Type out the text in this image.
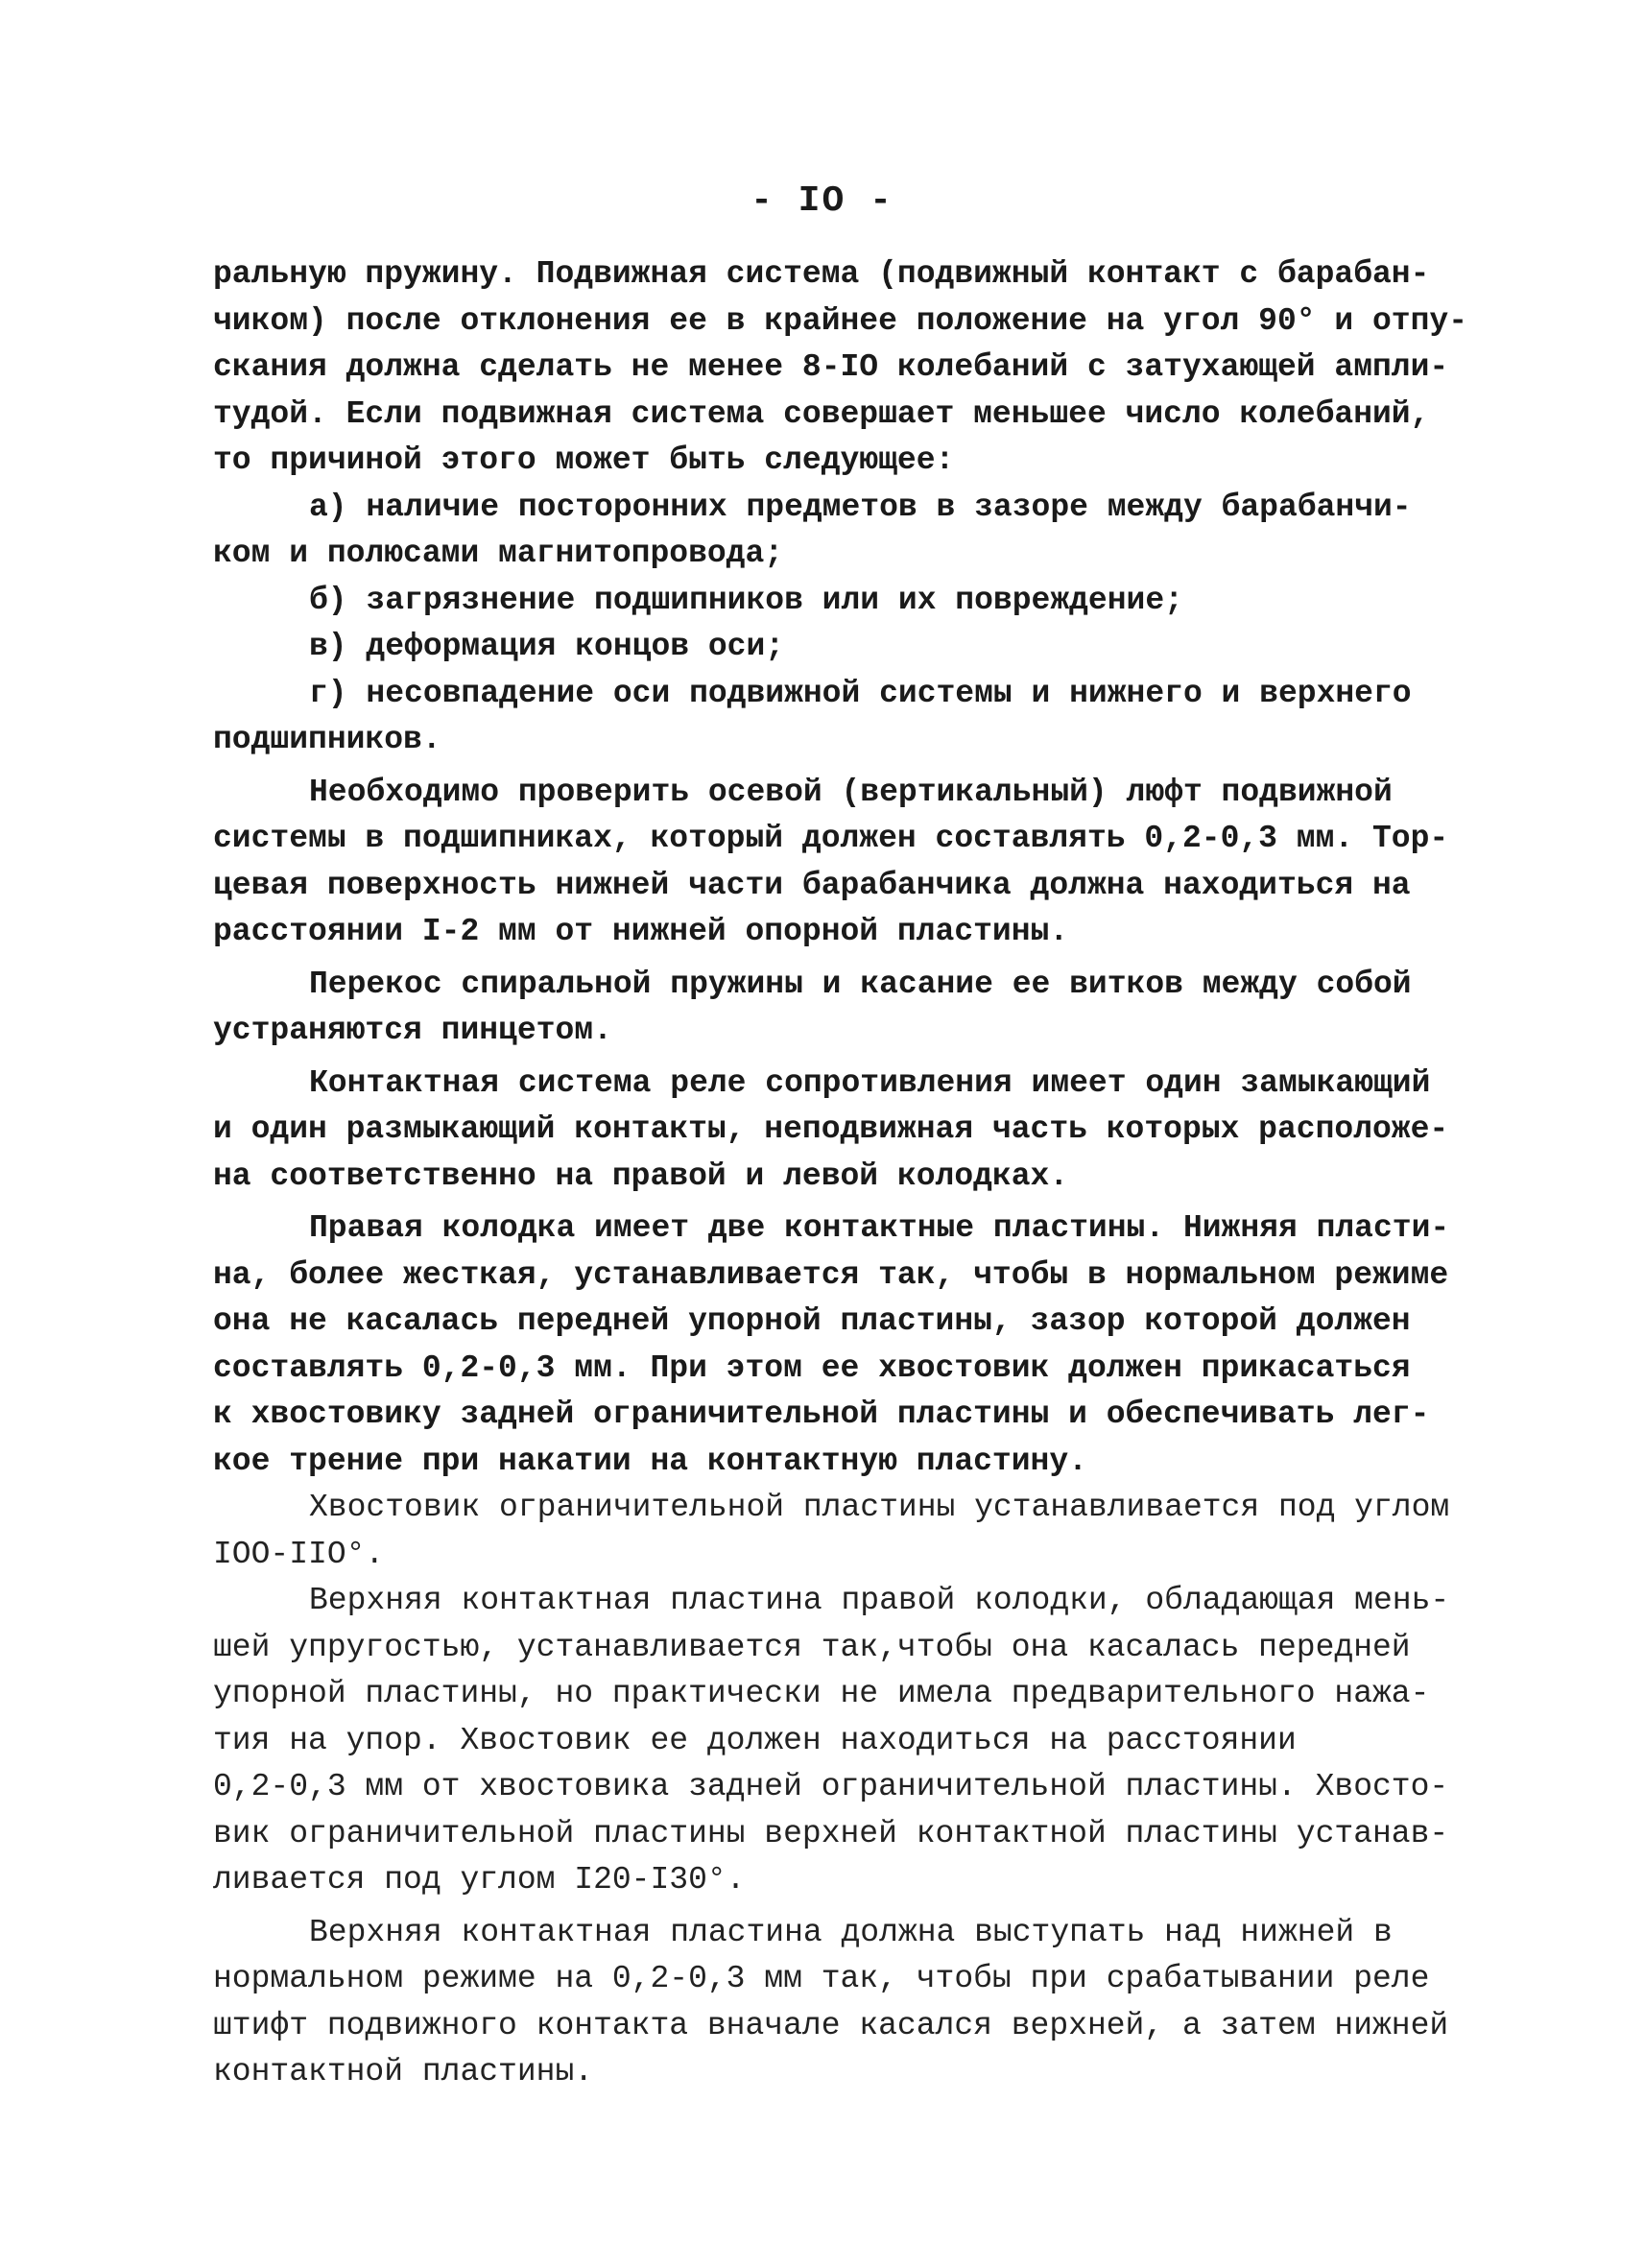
- IO -
ральную пружину. Подвижная система (подвижный контакт с барабан-
чиком) после отклонения ее в крайнее положение на угол 90° и отпу-
скания должна сделать не менее 8-IO колебаний с затухающей ампли-
тудой. Если подвижная система совершает меньшее число колебаний,
то причиной этого может быть следующее:
а) наличие посторонних предметов в зазоре между барабанчи-
ком и полюсами магнитопровода;
б) загрязнение подшипников или их повреждение;
в) деформация концов оси;
г) несовпадение оси подвижной системы и нижнего и верхнего
подшипников.
Необходимо проверить осевой (вертикальный) люфт подвижной
системы в подшипниках, который должен составлять 0,2-0,3 мм. Тор-
цевая поверхность нижней части барабанчика должна находиться на
расстоянии I-2 мм от нижней опорной пластины.
Перекос спиральной пружины и касание ее витков между собой
устраняются пинцетом.
Контактная система реле сопротивления имеет один замыкающий
и один размыкающий контакты, неподвижная часть которых расположе-
на соответственно на правой и левой колодках.
Правая колодка имеет две контактные пластины. Нижняя пласти-
на, более жесткая, устанавливается так, чтобы в нормальном режиме
она не касалась передней упорной пластины, зазор которой должен
составлять 0,2-0,3 мм. При этом ее хвостовик должен прикасаться
к хвостовику задней ограничительной пластины и обеспечивать лег-
кое трение при накатии на контактную пластину.
Хвостовик ограничительной пластины устанавливается под углом
IOO-IIO°.
Верхняя контактная пластина правой колодки, обладающая мень-
шей упругостью, устанавливается так,чтобы она касалась передней
упорной пластины, но практически не имела предварительного нажа-
тия на упор. Хвостовик ее должен находиться на расстоянии
0,2-0,3 мм от хвостовика задней ограничительной пластины. Хвосто-
вик ограничительной пластины верхней контактной пластины устанав-
ливается под углом I20-I30°.
Верхняя контактная пластина должна выступать над нижней в
нормальном режиме на 0,2-0,3 мм так, чтобы при срабатывании реле
штифт подвижного контакта вначале касался верхней, а затем нижней
контактной пластины.
